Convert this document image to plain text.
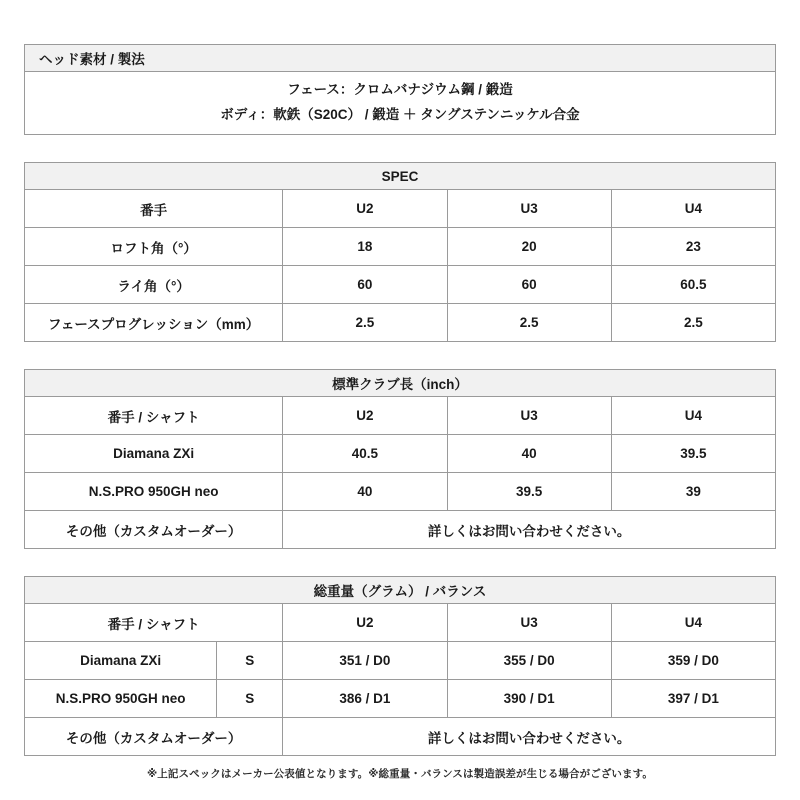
ヘッド素材 / 製法

フェース：クロムバナジウム鋼 / 鍛造
ボディ：軟鉄（S20C） / 鍛造 ＋ タングステンニッケル合金
SPEC			
番手	U2	U3	U4
ロフト角（°）	18	20	23
ライ角（°）	60	60	60.5
フェースプログレッション（mm）	2.5	2.5	2.5
標準クラブ長（inch）			
番手 / シャフト	U2	U3	U4
Diamana ZXi	40.5	40	39.5
N.S.PRO 950GH neo	40	39.5	39
その他（カスタムオーダー）	詳しくはお問い合わせください。		
総重量（グラム） / バランス				
番手 / シャフト		U2	U3	U4
Diamana ZXi	S	351 / D0	355 / D0	359 / D0
N.S.PRO 950GH neo	S	386 / D1	390 / D1	397 / D1
その他（カスタムオーダー）		詳しくはお問い合わせください。		
※上記スペックはメーカー公表値となります。※総重量・バランスは製造誤差が生じる場合がございます。
